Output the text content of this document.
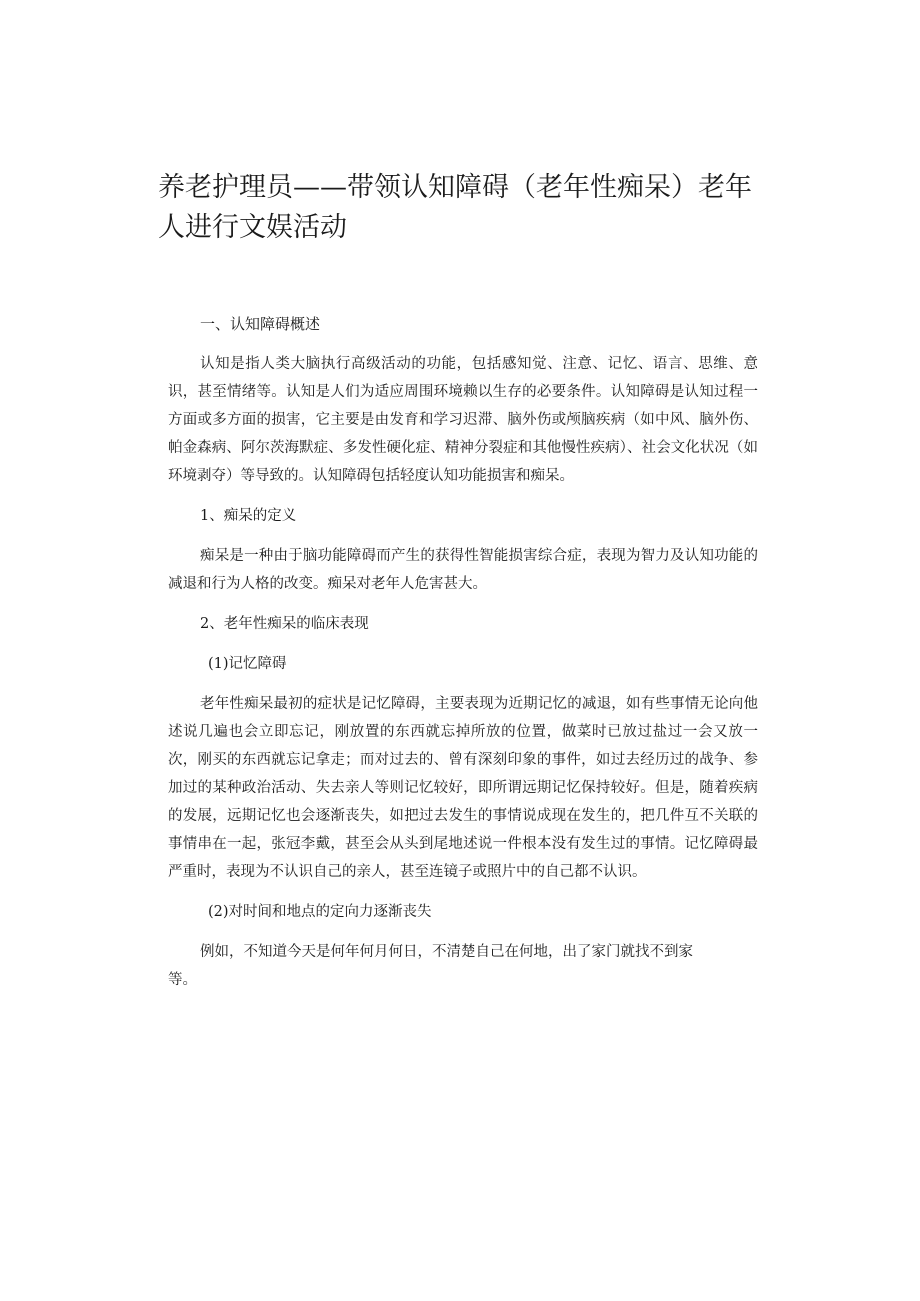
养老护理员——带领认知障碍（老年性痴呆）老年人进行文娱活动

一、认知障碍概述

认知是指人类大脑执行高级活动的功能，包括感知觉、注意、记忆、语言、思维、意识，甚至情绪等。认知是人们为适应周围环境赖以生存的必要条件。认知障碍是认知过程一方面或多方面的损害，它主要是由发育和学习迟滞、脑外伤或颅脑疾病（如中风、脑外伤、帕金森病、阿尔茨海默症、多发性硬化症、精神分裂症和其他慢性疾病）、社会文化状况（如环境剥夺）等导致的。认知障碍包括轻度认知功能损害和痴呆。

1、痴呆的定义

痴呆是一种由于脑功能障碍而产生的获得性智能损害综合症，表现为智力及认知功能的减退和行为人格的改变。痴呆对老年人危害甚大。

2、老年性痴呆的临床表现

(1)记忆障碍

老年性痴呆最初的症状是记忆障碍，主要表现为近期记忆的减退，如有些事情无论向他述说几遍也会立即忘记，刚放置的东西就忘掉所放的位置，做菜时已放过盐过一会又放一次，刚买的东西就忘记拿走；而对过去的、曾有深刻印象的事件，如过去经历过的战争、参加过的某种政治活动、失去亲人等则记忆较好，即所谓远期记忆保持较好。但是，随着疾病的发展，远期记忆也会逐渐丧失，如把过去发生的事情说成现在发生的，把几件互不关联的事情串在一起，张冠李戴，甚至会从头到尾地述说一件根本没有发生过的事情。记忆障碍最严重时，表现为不认识自己的亲人，甚至连镜子或照片中的自己都不认识。

(2)对时间和地点的定向力逐渐丧失

例如，不知道今天是何年何月何日，不清楚自己在何地，出了家门就找不到家

等。
